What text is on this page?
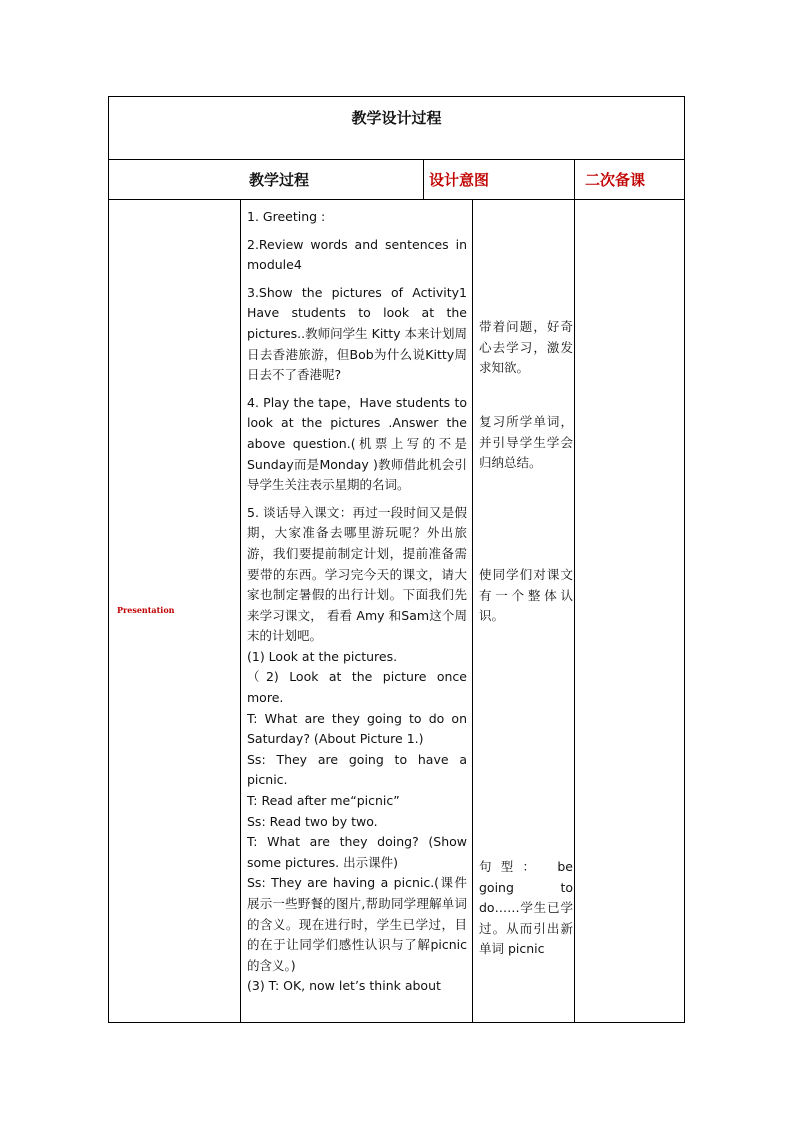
教学设计过程
教学过程	设计意图	二次备课
Presentation

1. Greeting :

2.Review words and sentences in module4

3.Show the pictures of Activity1 Have students to look at the pictures..教师问学生 Kitty 本来计划周日去香港旅游，但Bob为什么说Kitty周日去不了香港呢?

4. Play the tape，Have students to look at the pictures .Answer the above question.(机票上写的不是Sunday而是Monday )教师借此机会引导学生关注表示星期的名词。

5. 谈话导入课文：再过一段时间又是假期，大家准备去哪里游玩呢？外出旅游，我们要提前制定计划，提前准备需要带的东西。学习完今天的课文，请大家也制定暑假的出行计划。下面我们先来学习课文， 看看 Amy 和Sam这个周末的计划吧。

(1) Look at the pictures.

（2) Look at the picture once more.

T: What are they going to do on Saturday? (About Picture 1.)

Ss: They are going to have a picnic.

T: Read after me“picnic”

Ss: Read two by two.

T: What are they doing? (Show some pictures. 出示课件)

Ss: They are having a picnic.(课件展示一些野餐的图片,帮助同学理解单词的含义。现在进行时，学生已学过，目的在于让同学们感性认识与了解picnic的含义。)

(3) T: OK, now let’s think about

带着问题，好奇心去学习，激发求知欲。
复习所学单词，并引导学生学会归纳总结。
使同学们对课文有一个整体认识。
句型： be going to do……学生已学过。从而引出新单词 picnic
